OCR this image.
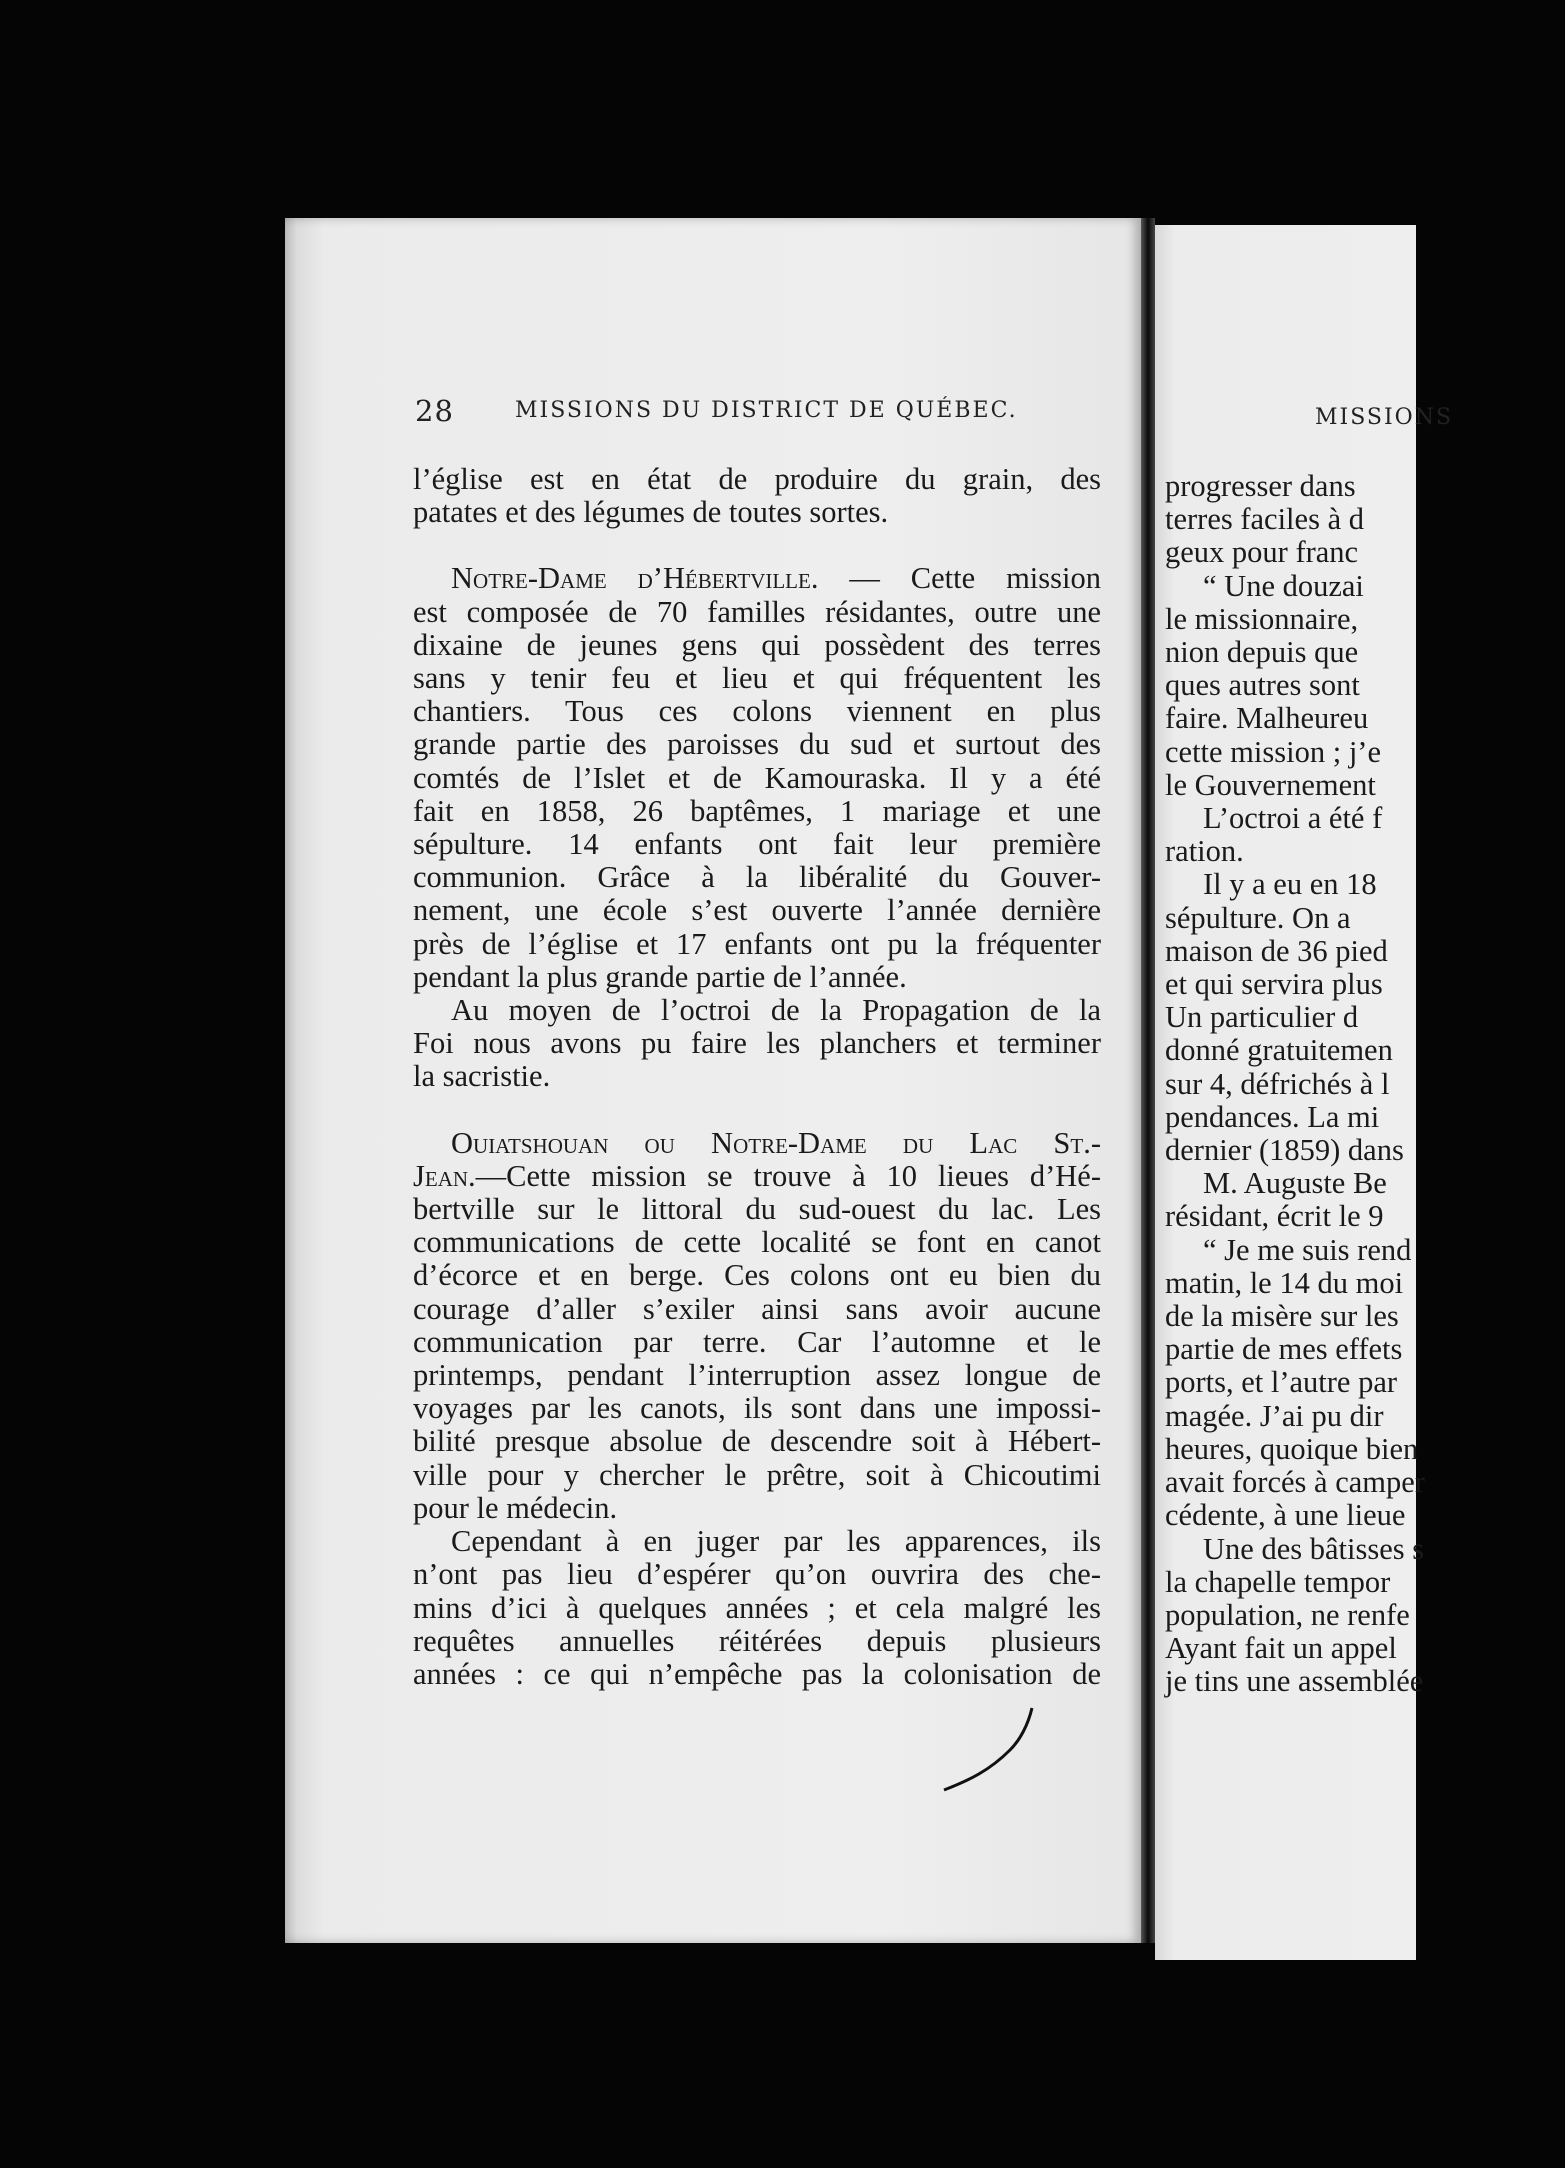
28	MISSIONS DU DISTRICT DE QUÉBEC.
l’église est en état de produire du grain, des
patates et des légumes de toutes sortes.
Notre-Dame d’Hébertville. — Cette mission
est composée de 70 familles résidantes, outre une
dixaine de jeunes gens qui possèdent des terres
sans y tenir feu et lieu et qui fréquentent les
chantiers. Tous ces colons viennent en plus
grande partie des paroisses du sud et surtout des
comtés de l’Islet et de Kamouraska. Il y a été
fait en 1858, 26 baptêmes, 1 mariage et une
sépulture. 14 enfants ont fait leur première
communion. Grâce à la libéralité du Gouver-
nement, une école s’est ouverte l’année dernière
près de l’église et 17 enfants ont pu la fréquenter
pendant la plus grande partie de l’année.
Au moyen de l’octroi de la Propagation de la
Foi nous avons pu faire les planchers et terminer
la sacristie.
Ouiatshouan ou Notre-Dame du Lac St.-
Jean.—Cette mission se trouve à 10 lieues d’Hé-
bertville sur le littoral du sud-ouest du lac. Les
communications de cette localité se font en canot
d’écorce et en berge. Ces colons ont eu bien du
courage d’aller s’exiler ainsi sans avoir aucune
communication par terre. Car l’automne et le
printemps, pendant l’interruption assez longue de
voyages par les canots, ils sont dans une impossi-
bilité presque absolue de descendre soit à Hébert-
ville pour y chercher le prêtre, soit à Chicoutimi
pour le médecin.
Cependant à en juger par les apparences, ils
n’ont pas lieu d’espérer qu’on ouvrira des che-
mins d’ici à quelques années ; et cela malgré les
requêtes annuelles réitérées depuis plusieurs
années : ce qui n’empêche pas la colonisation de
MISSIONS
progresser dans
terres faciles à d
geux pour franc
“ Une douzai
le missionnaire,
nion depuis que
ques autres sont
faire. Malheureu
cette mission ; j’e
le Gouvernement
L’octroi a été f
ration.
Il y a eu en 18
sépulture. On a
maison de 36 pied
et qui servira plus
Un particulier d
donné gratuitemen
sur 4, défrichés à l
pendances. La mi
dernier (1859) dans
M. Auguste Be
résidant, écrit le 9
“ Je me suis rend
matin, le 14 du moi
de la misère sur les
partie de mes effets
ports, et l’autre par
magée. J’ai pu dir
heures, quoique bien
avait forcés à camper
cédente, à une lieue
Une des bâtisses s
la chapelle tempor
population, ne renfe
Ayant fait un appel
je tins une assemblée
